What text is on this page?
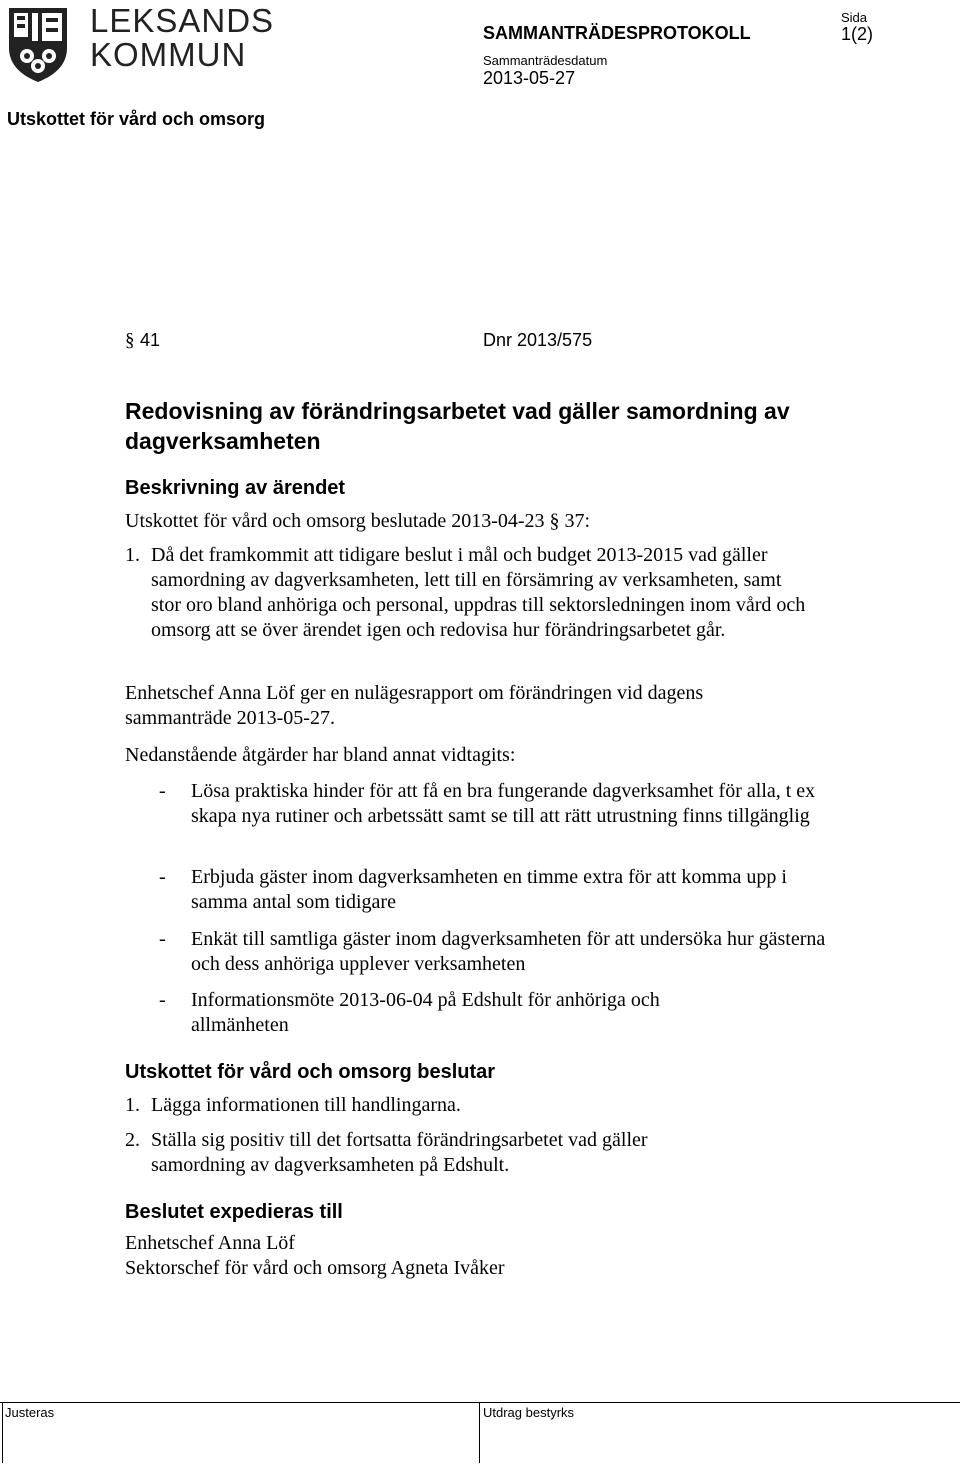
LEKSANDS
KOMMUN
SAMMANTRÄDESPROTOKOLL
Sida
1(2)
Sammanträdesdatum
2013-05-27
Utskottet för vård och omsorg
§ 41	Dnr 2013/575
Redovisning av förändringsarbetet vad gäller samordning av dagverksamheten
Beskrivning av ärendet
Utskottet för vård och omsorg beslutade 2013-04-23 § 37:
1. Då det framkommit att tidigare beslut i mål och budget 2013-2015 vad gäller samordning av dagverksamheten, lett till en försämring av verksamheten, samt stor oro bland anhöriga och personal, uppdras till sektorsledningen inom vård och omsorg att se över ärendet igen och redovisa hur förändringsarbetet går.
Enhetschef Anna Löf ger en nulägesrapport om förändringen vid dagens sammanträde 2013-05-27.
Nedanstående åtgärder har bland annat vidtagits:
-	Lösa praktiska hinder för att få en bra fungerande dagverksamhet för alla, t ex skapa nya rutiner och arbetssätt samt se till att rätt utrustning finns tillgänglig
-	Erbjuda gäster inom dagverksamheten en timme extra för att komma upp i samma antal som tidigare
-	Enkät till samtliga gäster inom dagverksamheten för att undersöka hur gästerna och dess anhöriga upplever verksamheten
-	Informationsmöte 2013-06-04 på Edshult för anhöriga och allmänheten
Utskottet för vård och omsorg beslutar
1. Lägga informationen till handlingarna.
2. Ställa sig positiv till det fortsatta förändringsarbetet vad gäller samordning av dagverksamheten på Edshult.
Beslutet expedieras till
Enhetschef Anna Löf
Sektorschef för vård och omsorg Agneta Ivåker
Justeras	Utdrag bestyrks
